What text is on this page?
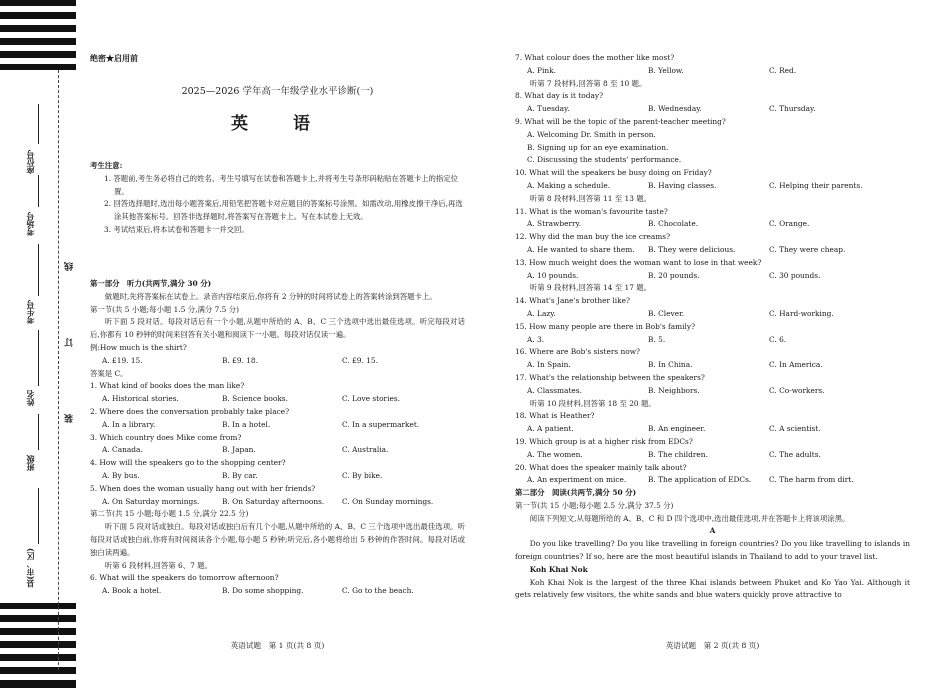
座位号
考场号
考生号
姓名
班级
县(市、区)
线
订
装
绝密★启用前
2025—2026 学年高一年级学业水平诊断(一)
英　语

考生注意:

1. 答题前,考生务必将自己的姓名、考生号填写在试卷和答题卡上,并将考生号条形码粘贴在答题卡上的指定位置。

2. 回答选择题时,选出每小题答案后,用铅笔把答题卡对应题目的答案标号涂黑。如需改动,用橡皮擦干净后,再选涂其他答案标号。回答非选择题时,将答案写在答题卡上。写在本试卷上无效。

3. 考试结束后,将本试卷和答题卡一并交回。

第一部分　听力(共两节,满分 30 分)

做题时,先将答案标在试卷上。录音内容结束后,你将有 2 分钟的时间将试卷上的答案转涂到答题卡上。

第一节(共 5 小题;每小题 1.5 分,满分 7.5 分)

听下面 5 段对话。每段对话后有一个小题,从题中所给的 A、B、C 三个选项中选出最佳选项。听完每段对话后,你都有 10 秒钟的时间来回答有关小题和阅读下一小题。每段对话仅读一遍。

例:How much is the shirt?

A. £19. 15.	B. £9. 18.	C. £9. 15.

答案是 C。

1. What kind of books does the man like?

A. Historical stories.	B. Science books.	C. Love stories.

2. Where does the conversation probably take place?

A. In a library.	B. In a hotel.	C. In a supermarket.

3. Which country does Mike come from?

A. Canada.	B. Japan.	C. Australia.

4. How will the speakers go to the shopping center?

A. By bus.	B. By car.	C. By bike.

5. When does the woman usually hang out with her friends?

A. On Saturday mornings.	B. On Saturday afternoons.	C. On Sunday mornings.

第二节(共 15 小题;每小题 1.5 分,满分 22.5 分)

听下面 5 段对话或独白。每段对话或独白后有几个小题,从题中所给的 A、B、C 三个选项中选出最佳选项。听每段对话或独白前,你将有时间阅读各个小题,每小题 5 秒钟;听完后,各小题将给出 5 秒钟的作答时间。每段对话或独白读两遍。

听第 6 段材料,回答第 6、7 题。

6. What will the speakers do tomorrow afternoon?

A. Book a hotel.	B. Do some shopping.	C. Go to the beach.
英语试题　第 1 页(共 8 页)

7. What colour does the mother like most?

A. Pink.	B. Yellow.	C. Red.

听第 7 段材料,回答第 8 至 10 题。

8. What day is it today?

A. Tuesday.	B. Wednesday.	C. Thursday.

9. What will be the topic of the parent-teacher meeting?

A. Welcoming Dr. Smith in person.

B. Signing up for an eye examination.

C. Discussing the students' performance.

10. What will the speakers be busy doing on Friday?

A. Making a schedule.	B. Having classes.	C. Helping their parents.

听第 8 段材料,回答第 11 至 13 题。

11. What is the woman's favourite taste?

A. Strawberry.	B. Chocolate.	C. Orange.

12. Why did the man buy the ice creams?

A. He wanted to share them.	B. They were delicious.	C. They were cheap.

13. How much weight does the woman want to lose in that week?

A. 10 pounds.	B. 20 pounds.	C. 30 pounds.

听第 9 段材料,回答第 14 至 17 题。

14. What's Jane's brother like?

A. Lazy.	B. Clever.	C. Hard-working.

15. How many people are there in Bob's family?

A. 3.	B. 5.	C. 6.

16. Where are Bob's sisters now?

A. In Spain.	B. In China.	C. In America.

17. What's the relationship between the speakers?

A. Classmates.	B. Neighbors.	C. Co-workers.

听第 10 段材料,回答第 18 至 20 题。

18. What is Heather?

A. A patient.	B. An engineer.	C. A scientist.

19. Which group is at a higher risk from EDCs?

A. The women.	B. The children.	C. The adults.

20. What does the speaker mainly talk about?

A. An experiment on mice.	B. The application of EDCs.	C. The harm from dirt.

第二部分　阅读(共两节,满分 50 分)

第一节(共 15 小题;每小题 2.5 分,满分 37.5 分)

阅读下列短文,从每题所给的 A、B、C 和 D 四个选项中,选出最佳选项,并在答题卡上将该项涂黑。

A

Do you like travelling? Do you like travelling in foreign countries? Do you like travelling to islands in foreign countries? If so, here are the most beautiful islands in Thailand to add to your travel list.

Koh Khai Nok

Koh Khai Nok is the largest of the three Khai islands between Phuket and Ko Yao Yai. Although it gets relatively few visitors, the white sands and blue waters quickly prove attractive to

英语试题　第 2 页(共 8 页)
